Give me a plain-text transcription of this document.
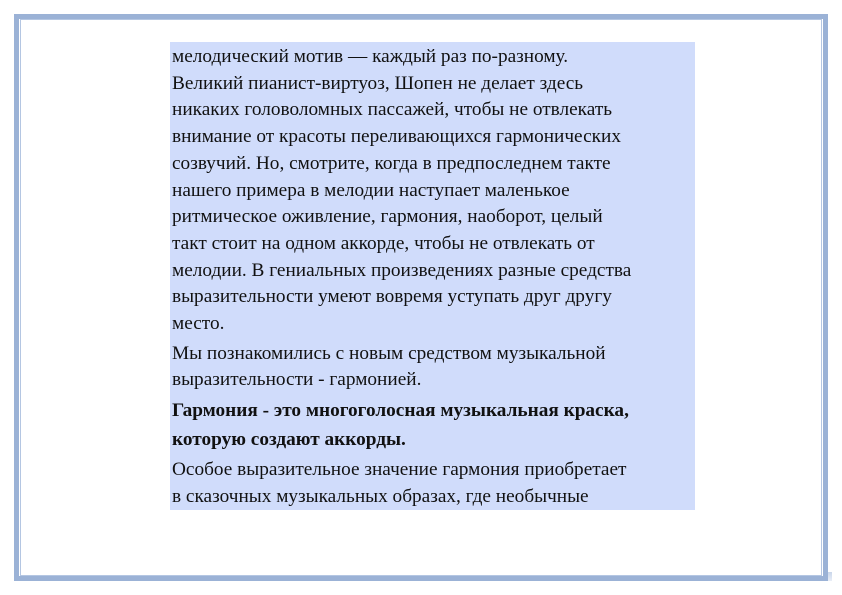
мелодический мотив — каждый раз по-разному.
Великий пианист-виртуоз, Шопен не делает здесь
никаких головоломных пассажей, чтобы не отвлекать
внимание от красоты переливающихся гармонических
созвучий. Но, смотрите, когда в предпоследнем такте
нашего примера в мелодии наступает маленькое
ритмическое оживление, гармония, наоборот, целый
такт стоит на одном аккорде, чтобы не отвлекать от
мелодии. В гениальных произведениях разные средства
выразительности умеют вовремя уступать друг другу
место.

Мы познакомились с новым средством музыкальной
выразительности - гармонией.

Гармония - это многоголосная музыкальная краска,
которую создают аккорды.

Особое выразительное значение гармония приобретает
в сказочных музыкальных образах, где необычные
